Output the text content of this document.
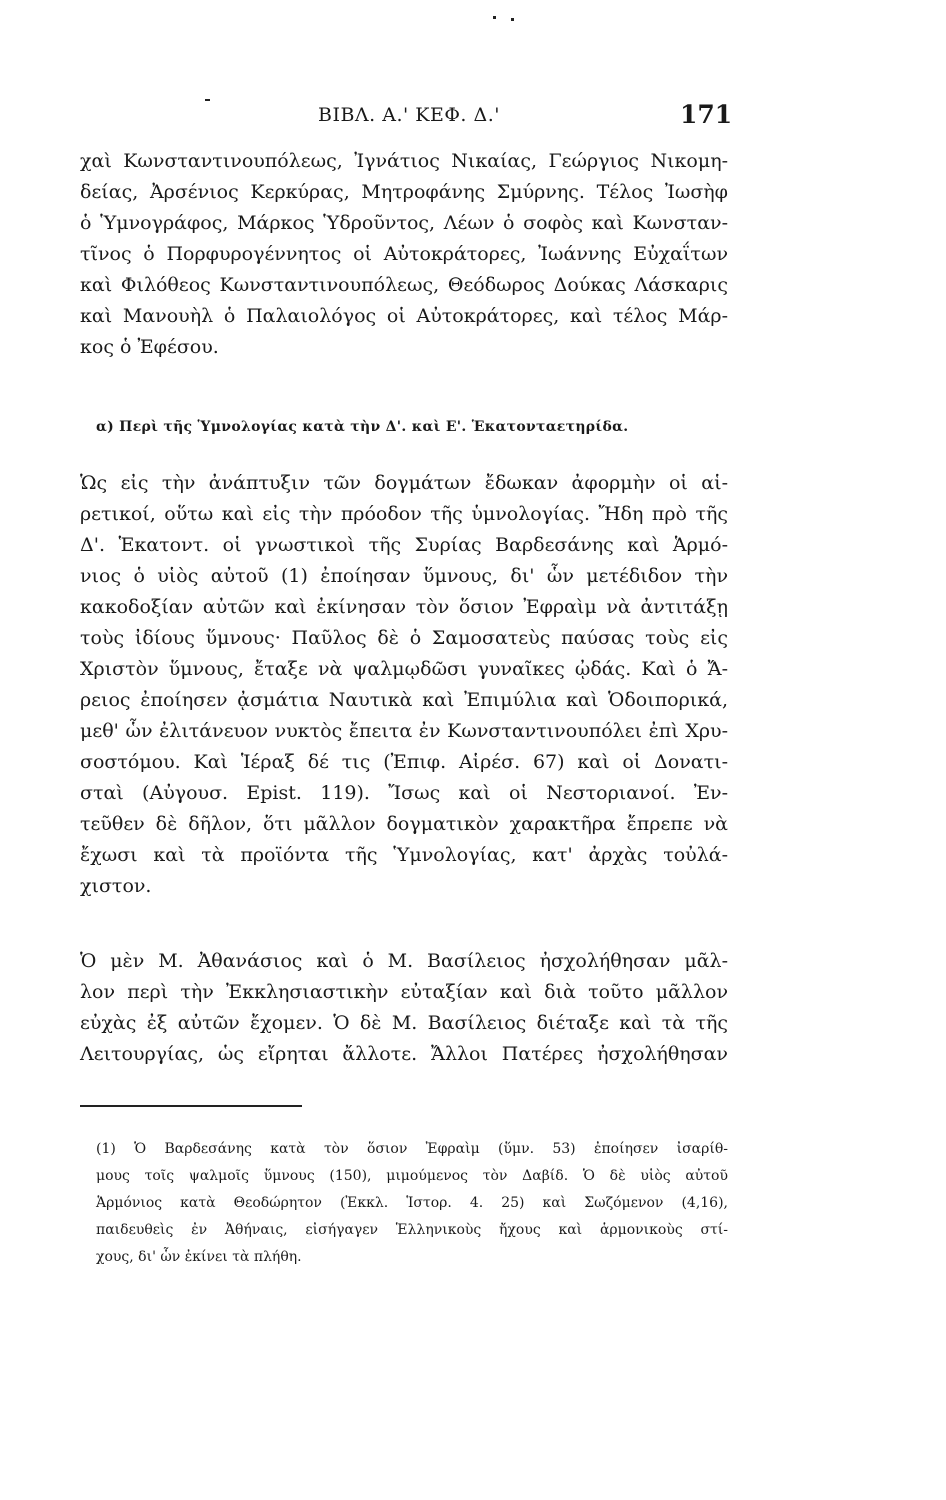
ΒΙΒΛ. Α.' ΚΕΦ. Δ.'	171
χαὶ Κωνσταντινουπόλεως, Ἰγνάτιος Νικαίας, Γεώργιος Νικομη-
δείας, Ἀρσένιος Κερκύρας, Μητροφάνης Σμύρνης. Τέλος Ἰωσὴφ
ὁ Ὑμνογράφος, Μάρκος Ὑδροῦντος, Λέων ὁ σοφὸς καὶ Κωνσταν-
τῖνος ὁ Πορφυρογέννητος οἱ Αὐτοκράτορες, Ἰωάννης Εὐχαΐτων
καὶ Φιλόθεος Κωνσταντινουπόλεως, Θεόδωρος Δούκας Λάσκαρις
καὶ Μανουὴλ ὁ Παλαιολόγος οἱ Αὐτοκράτορες, καὶ τέλος Μάρ-
κος ὁ Ἐφέσου.
α) Περὶ τῆς Ὑμνολογίας κατὰ τὴν Δ'. καὶ Ε'. Ἑκατονταετηρίδα.
Ὡς εἰς τὴν ἀνάπτυξιν τῶν δογμάτων ἔδωκαν ἀφορμὴν οἱ αἱ-
ρετικοί, οὕτω καὶ εἰς τὴν πρόοδον τῆς ὑμνολογίας. Ἤδη πρὸ τῆς
Δ'. Ἑκατοντ. οἱ γνωστικοὶ τῆς Συρίας Βαρδεσάνης καὶ Ἁρμό-
νιος ὁ υἱὸς αὐτοῦ (1) ἐποίησαν ὕμνους, δι' ὧν μετέδιδον τὴν
κακοδοξίαν αὐτῶν καὶ ἐκίνησαν τὸν ὅσιον Ἐφραὶμ νὰ ἀντιτάξῃ
τοὺς ἰδίους ὕμνους· Παῦλος δὲ ὁ Σαμοσατεὺς παύσας τοὺς εἰς
Χριστὸν ὕμνους, ἔταξε νὰ ψαλμῳδῶσι γυναῖκες ᾠδάς. Καὶ ὁ Ἄ-
ρειος ἐποίησεν ᾀσμάτια Ναυτικὰ καὶ Ἐπιμύλια καὶ Ὁδοιπορικά,
μεθ' ὧν ἐλιτάνευον νυκτὸς ἔπειτα ἐν Κωνσταντινουπόλει ἐπὶ Χρυ-
σοστόμου. Καὶ Ἱέραξ δέ τις (Ἐπιφ. Αἱρέσ. 67) καὶ οἱ Δονατι-
σταὶ (Αὐγουσ. Epist. 119). Ἴσως καὶ οἱ Νεστοριανοί. Ἐν-
τεῦθεν δὲ δῆλον, ὅτι μᾶλλον δογματικὸν χαρακτῆρα ἔπρεπε νὰ
ἔχωσι καὶ τὰ προϊόντα τῆς Ὑμνολογίας, κατ' ἀρχὰς τοὐλά-
χιστον.
Ὁ μὲν Μ. Ἀθανάσιος καὶ ὁ Μ. Βασίλειος ἠσχολήθησαν μᾶλ-
λον περὶ τὴν Ἐκκλησιαστικὴν εὐταξίαν καὶ διὰ τοῦτο μᾶλλον
εὐχὰς ἐξ αὐτῶν ἔχομεν. Ὁ δὲ Μ. Βασίλειος διέταξε καὶ τὰ τῆς
Λειτουργίας, ὡς εἴρηται ἄλλοτε. Ἄλλοι Πατέρες ἠσχολήθησαν
(1) Ὁ Βαρδεσάνης κατὰ τὸν ὅσιον Ἐφραὶμ (ὕμν. 53) ἐποίησεν ἰσαρίθ-
μους τοῖς ψαλμοῖς ὕμνους (150), μιμούμενος τὸν Δαβίδ. Ὁ δὲ υἱὸς αὐτοῦ
Ἁρμόνιος κατὰ Θεοδώρητον (Ἐκκλ. Ἱστορ. 4. 25) καὶ Σωζόμενον (4,16),
παιδευθεὶς ἐν Ἀθήναις, εἰσήγαγεν Ἑλληνικοὺς ἤχους καὶ ἁρμονικοὺς στί-
χους, δι' ὧν ἐκίνει τὰ πλήθη.
